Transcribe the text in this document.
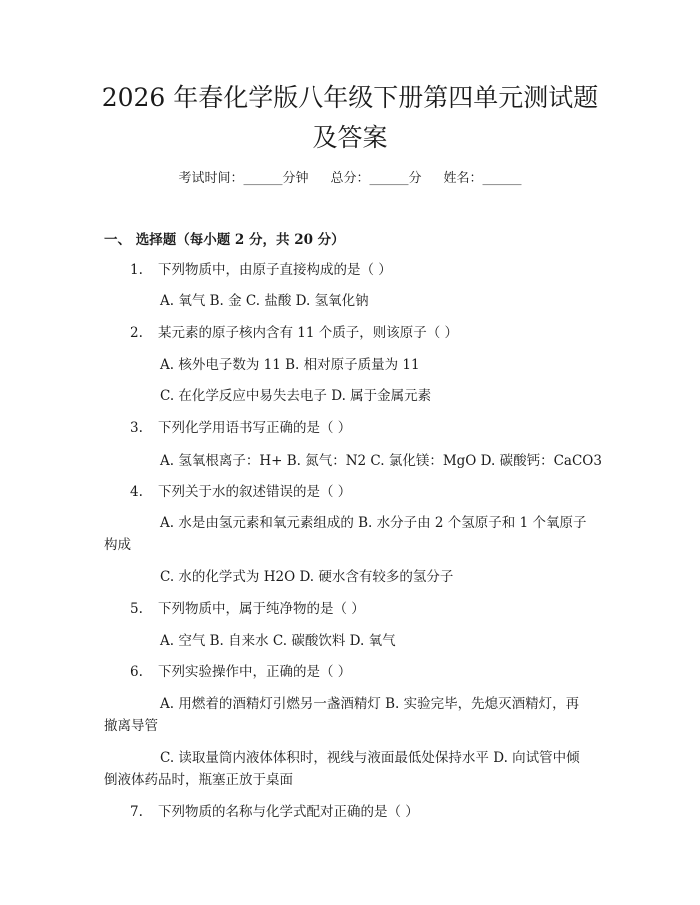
2026 年春化学版八年级下册第四单元测试题
及答案
考试时间：______分钟 总分：______分 姓名：______
一、 选择题（每小题 2 分，共 20 分）
1. 下列物质中，由原子直接构成的是（ ）
A. 氧气 B. 金 C. 盐酸 D. 氢氧化钠
2. 某元素的原子核内含有 11 个质子，则该原子（ ）
A. 核外电子数为 11 B. 相对原子质量为 11
C. 在化学反应中易失去电子 D. 属于金属元素
3. 下列化学用语书写正确的是（ ）
A. 氢氧根离子：H+ B. 氮气：N2 C. 氯化镁：MgO D. 碳酸钙：CaCO3
4. 下列关于水的叙述错误的是（ ）
A. 水是由氢元素和氧元素组成的 B. 水分子由 2 个氢原子和 1 个氧原子
构成
C. 水的化学式为 H2O D. 硬水含有较多的氢分子
5. 下列物质中，属于纯净物的是（ ）
A. 空气 B. 自来水 C. 碳酸饮料 D. 氧气
6. 下列实验操作中，正确的是（ ）
A. 用燃着的酒精灯引燃另一盏酒精灯 B. 实验完毕，先熄灭酒精灯，再
撤离导管
C. 读取量筒内液体体积时，视线与液面最低处保持水平 D. 向试管中倾
倒液体药品时，瓶塞正放于桌面
7. 下列物质的名称与化学式配对正确的是（ ）
